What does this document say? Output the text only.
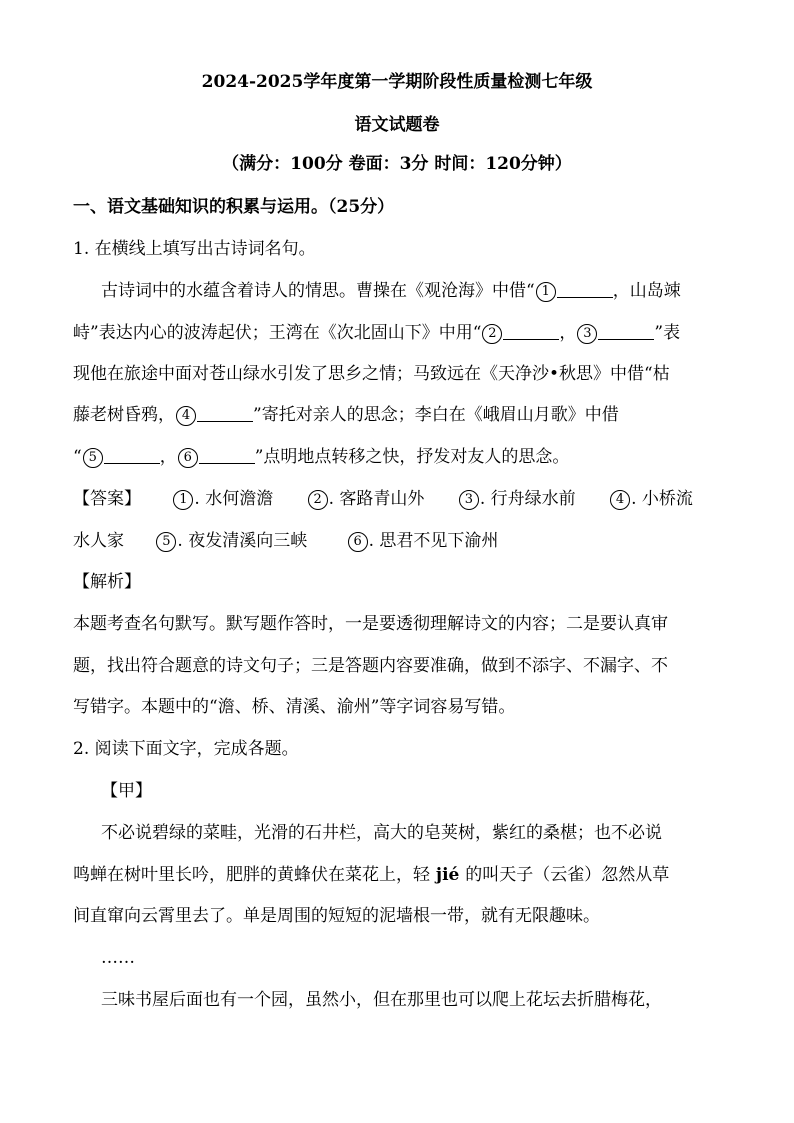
2024-2025学年度第一学期阶段性质量检测七年级
语文试题卷
（满分：100分 卷面：3分 时间：120分钟）
一、语文基础知识的积累与运用。（25分）
1. 在横线上填写出古诗词名句。
古诗词中的水蕴含着诗人的情思。曹操在《观沧海》中借“ 1	，山岛竦
峙”表达内心的波涛起伏；王湾在《次北固山下》中用“ 2	， 3	”表
现他在旅途中面对苍山绿水引发了思乡之情；马致远在《天净沙•秋思》中借“枯
藤老树昏鸦， 4	”寄托对亲人的思念；李白在《峨眉山月歌》中借
“ 5	， 6	”点明地点转移之快，抒发对友人的思念。
【答案】	1 . 水何澹澹	2 . 客路青山外	3 . 行舟绿水前	4 . 小桥流
水人家	5 . 夜发清溪向三峡	6 . 思君不见下渝州
【解析】
本题考查名句默写。默写题作答时，一是要透彻理解诗文的内容；二是要认真审
题，找出符合题意的诗文句子；三是答题内容要准确，做到不添字、不漏字、不
写错字。本题中的“澹、桥、清溪、渝州”等字词容易写错。
2. 阅读下面文字，完成各题。
【甲】
不必说碧绿的菜畦，光滑的石井栏，高大的皂荚树，紫红的桑椹；也不必说
鸣蝉在树叶里长吟，肥胖的黄蜂伏在菜花上，轻 jié 的叫天子（云雀）忽然从草
间直窜向云霄里去了。单是周围的短短的泥墙根一带，就有无限趣味。
……
三味书屋后面也有一个园，虽然小，但在那里也可以爬上花坛去折腊梅花，
